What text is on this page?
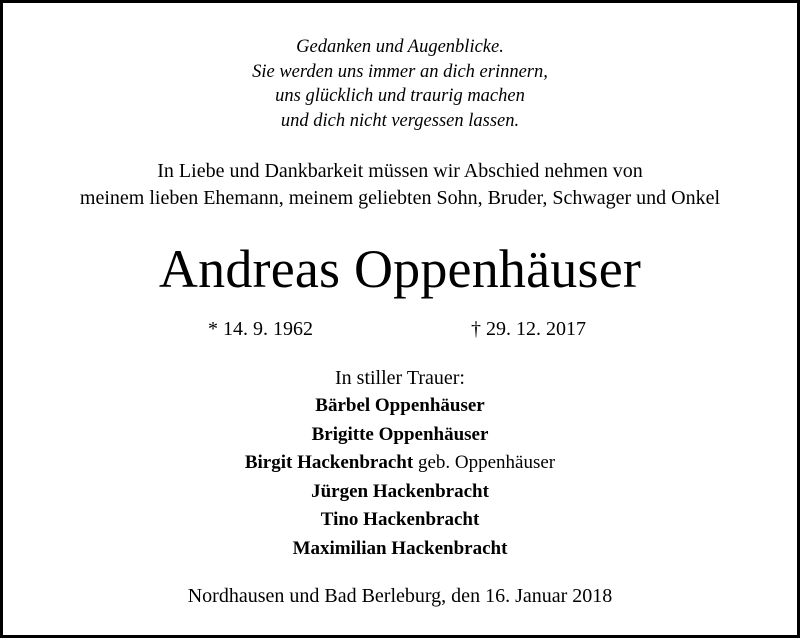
Gedanken und Augenblicke.
Sie werden uns immer an dich erinnern,
uns glücklich und traurig machen
und dich nicht vergessen lassen.
In Liebe und Dankbarkeit müssen wir Abschied nehmen von
meinem lieben Ehemann, meinem geliebten Sohn, Bruder, Schwager und Onkel
Andreas Oppenhäuser
* 14. 9. 1962	† 29. 12. 2017
In stiller Trauer:
Bärbel Oppenhäuser
Brigitte Oppenhäuser
Birgit Hackenbracht geb. Oppenhäuser
Jürgen Hackenbracht
Tino Hackenbracht
Maximilian Hackenbracht
Nordhausen und Bad Berleburg, den 16. Januar 2018
